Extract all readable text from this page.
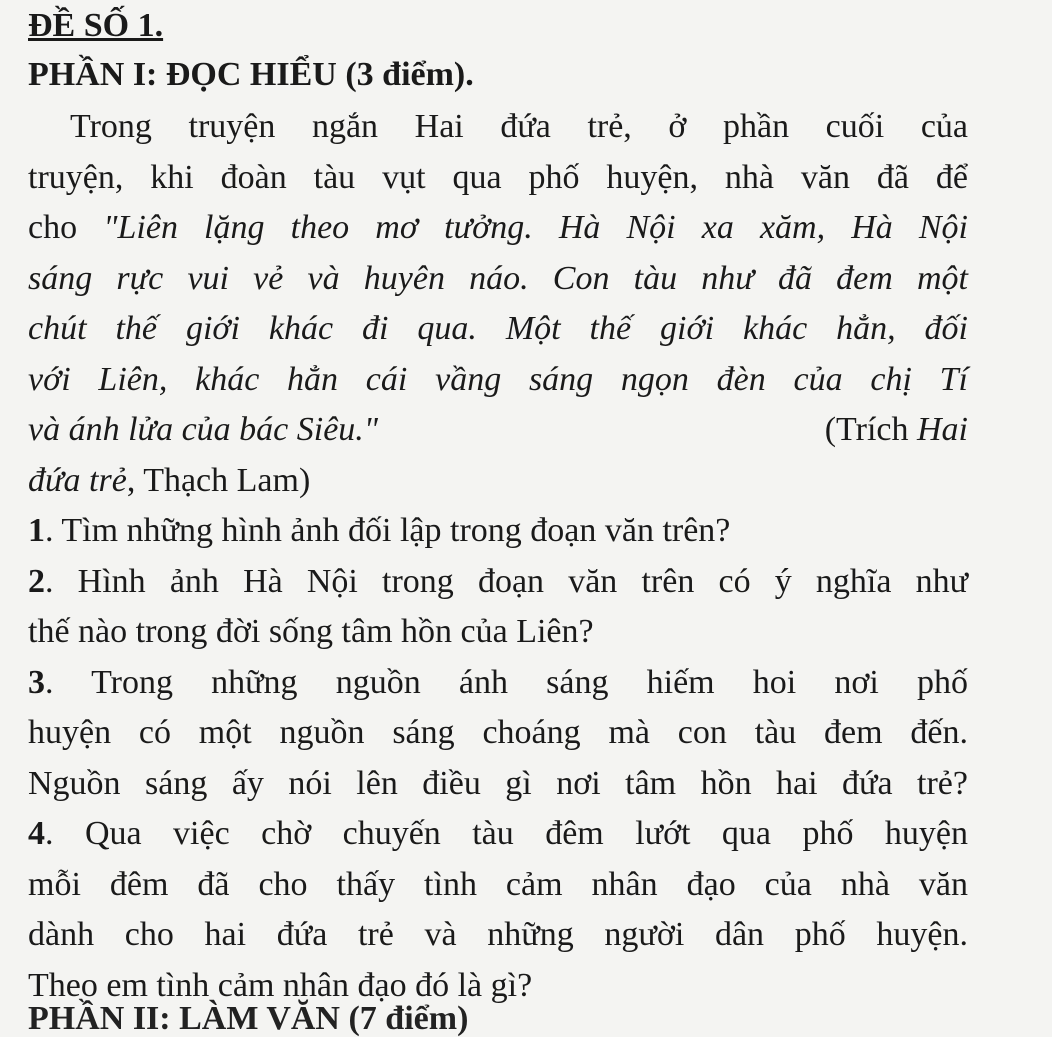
ĐỀ SỐ 1.
PHẦN I: ĐỌC HIỂU (3 điểm).
Trong truyện ngắn Hai đứa trẻ, ở phần cuối của
truyện, khi đoàn tàu vụt qua phố huyện, nhà văn đã để
cho "Liên lặng theo mơ tưởng. Hà Nội xa xăm, Hà Nội
sáng rực vui vẻ và huyên náo. Con tàu như đã đem một
chút thế giới khác đi qua. Một thế giới khác hẳn, đối
với Liên, khác hẳn cái vầng sáng ngọn đèn của chị Tí
và ánh lửa của bác Siêu."	(Trích Hai
đứa trẻ, Thạch Lam)
1. Tìm những hình ảnh đối lập trong đoạn văn trên?
2. Hình ảnh Hà Nội trong đoạn văn trên có ý nghĩa như
thế nào trong đời sống tâm hồn của Liên?
3. Trong những nguồn ánh sáng hiếm hoi nơi phố
huyện có một nguồn sáng choáng mà con tàu đem đến.
Nguồn sáng ấy nói lên điều gì nơi tâm hồn hai đứa trẻ?
4. Qua việc chờ chuyến tàu đêm lướt qua phố huyện
mỗi đêm đã cho thấy tình cảm nhân đạo của nhà văn
dành cho hai đứa trẻ và những người dân phố huyện.
Theo em tình cảm nhân đạo đó là gì?
PHẦN II: LÀM VĂN (7 điểm)
